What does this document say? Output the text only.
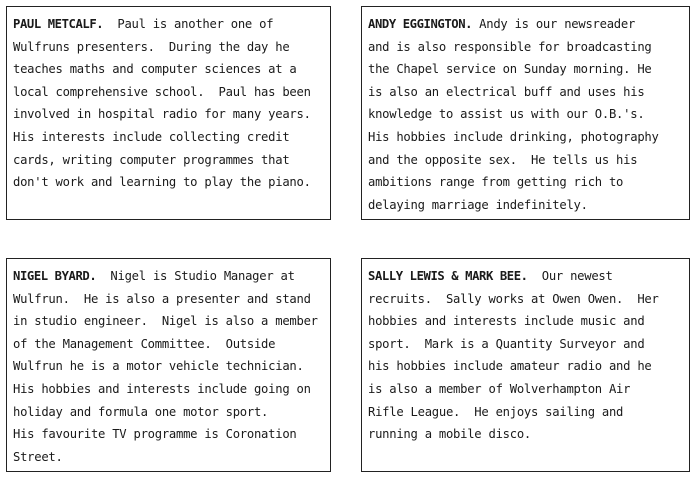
PAUL METCALF.  Paul is another one of
Wulfruns presenters.  During the day he
teaches maths and computer sciences at a
local comprehensive school.  Paul has been
involved in hospital radio for many years.
His interests include collecting credit
cards, writing computer programmes that
don't work and learning to play the piano.
ANDY EGGINGTON. Andy is our newsreader
and is also responsible for broadcasting
the Chapel service on Sunday morning. He
is also an electrical buff and uses his
knowledge to assist us with our O.B.'s.
His hobbies include drinking, photography
and the opposite sex.  He tells us his
ambitions range from getting rich to
delaying marriage indefinitely.
NIGEL BYARD.  Nigel is Studio Manager at
Wulfrun.  He is also a presenter and stand
in studio engineer.  Nigel is also a member
of the Management Committee.  Outside
Wulfrun he is a motor vehicle technician.
His hobbies and interests include going on
holiday and formula one motor sport.
His favourite TV programme is Coronation
Street.
SALLY LEWIS & MARK BEE.  Our newest
recruits.  Sally works at Owen Owen.  Her
hobbies and interests include music and
sport.  Mark is a Quantity Surveyor and
his hobbies include amateur radio and he
is also a member of Wolverhampton Air
Rifle League.  He enjoys sailing and
running a mobile disco.
